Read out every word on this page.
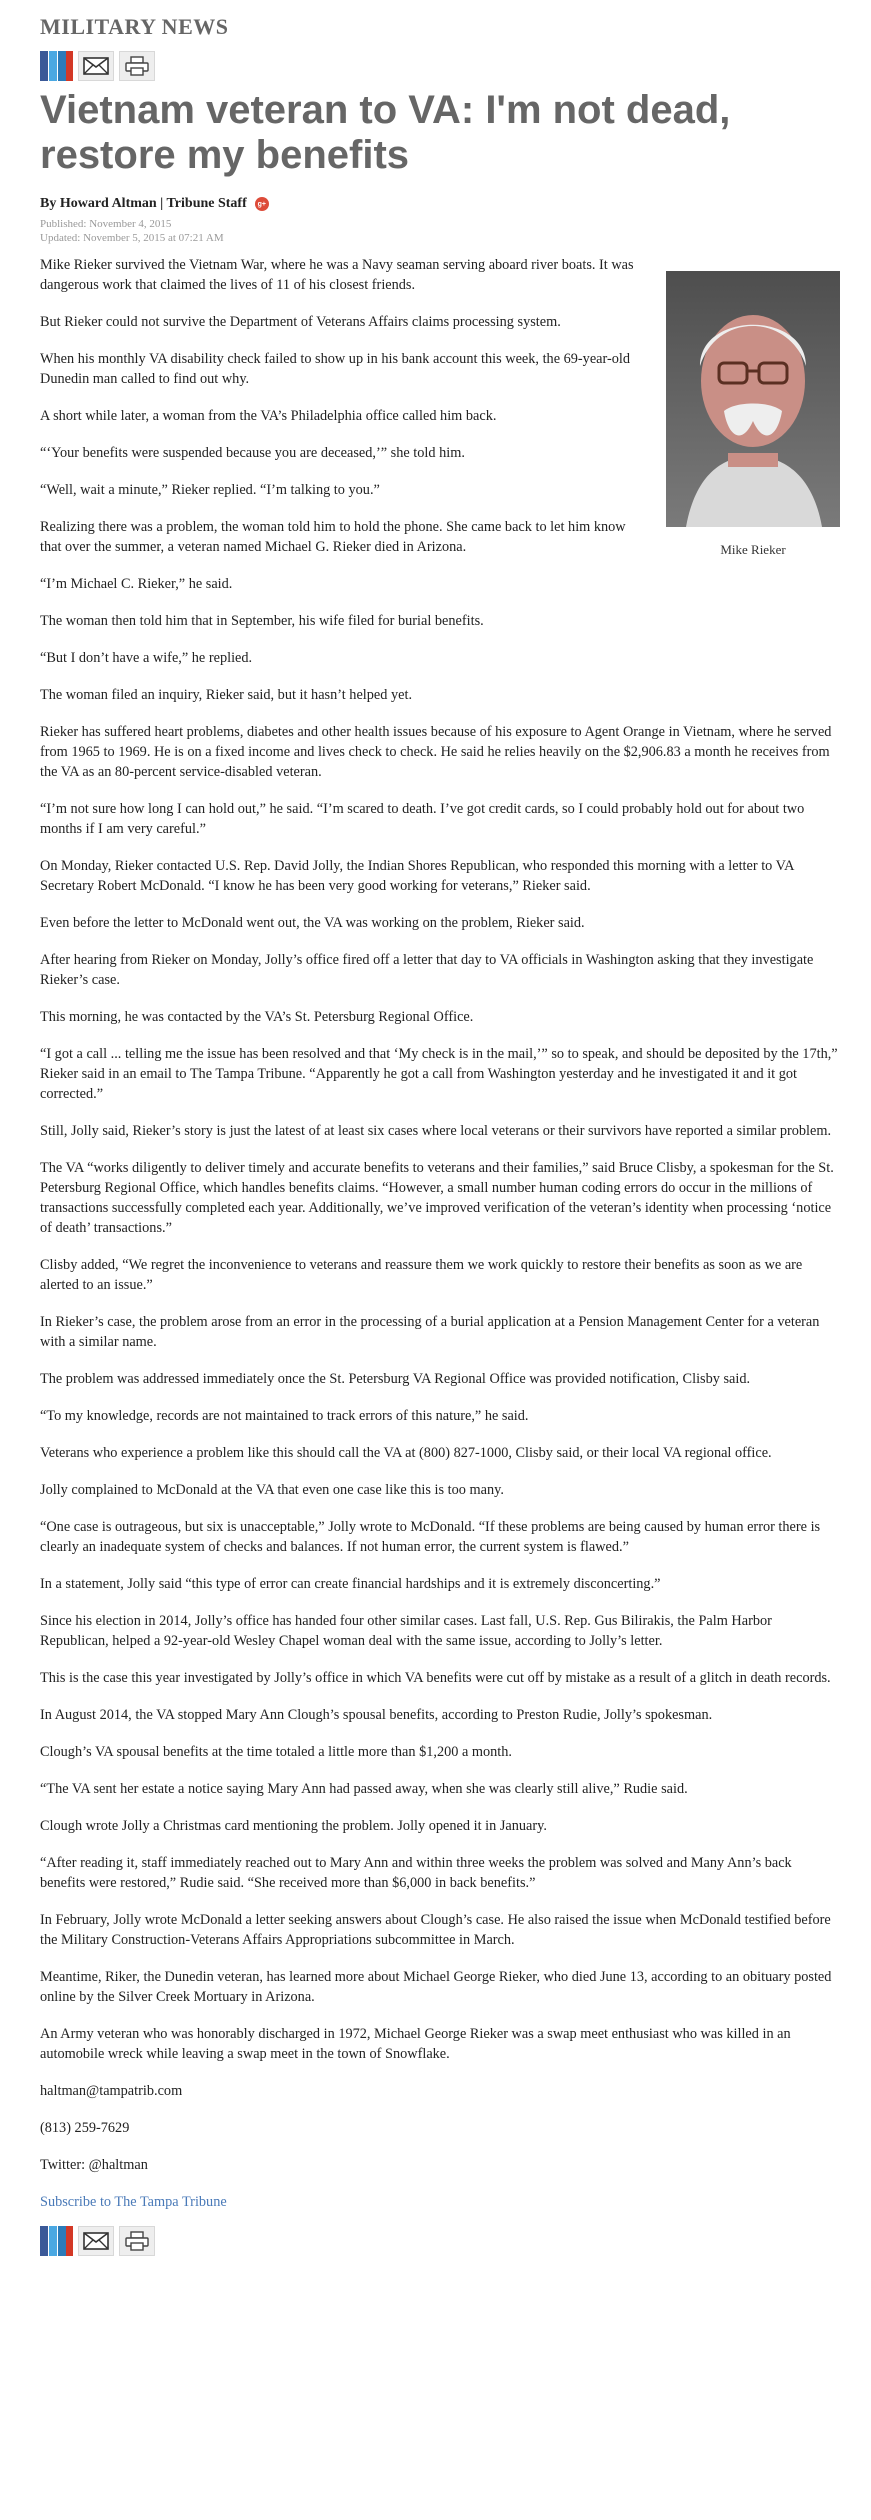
MILITARY NEWS
Vietnam veteran to VA: I'm not dead, restore my benefits
By Howard Altman | Tribune Staff	g+
Published: November 4, 2015
Updated: November 5, 2015 at 07:21 AM
Mike Rieker

Mike Rieker survived the Vietnam War, where he was a Navy seaman serving aboard river boats. It was dangerous work that claimed the lives of 11 of his closest friends.

But Rieker could not survive the Department of Veterans Affairs claims processing system.

When his monthly VA disability check failed to show up in his bank account this week, the 69-year-old Dunedin man called to find out why.

A short while later, a woman from the VA’s Philadelphia office called him back.

“‘Your benefits were suspended because you are deceased,’” she told him.

“Well, wait a minute,” Rieker replied. “I’m talking to you.”

Realizing there was a problem, the woman told him to hold the phone. She came back to let him know that over the summer, a veteran named Michael G. Rieker died in Arizona.

“I’m Michael C. Rieker,” he said.

The woman then told him that in September, his wife filed for burial benefits.

“But I don’t have a wife,” he replied.

The woman filed an inquiry, Rieker said, but it hasn’t helped yet.

Rieker has suffered heart problems, diabetes and other health issues because of his exposure to Agent Orange in Vietnam, where he served from 1965 to 1969. He is on a fixed income and lives check to check. He said he relies heavily on the $2,906.83 a month he receives from the VA as an 80-percent service-disabled veteran.

“I’m not sure how long I can hold out,” he said. “I’m scared to death. I’ve got credit cards, so I could probably hold out for about two months if I am very careful.”

On Monday, Rieker contacted U.S. Rep. David Jolly, the Indian Shores Republican, who responded this morning with a letter to VA Secretary Robert McDonald. “I know he has been very good working for veterans,” Rieker said.

Even before the letter to McDonald went out, the VA was working on the problem, Rieker said.

After hearing from Rieker on Monday, Jolly’s office fired off a letter that day to VA officials in Washington asking that they investigate Rieker’s case.

This morning, he was contacted by the VA’s St. Petersburg Regional Office.

“I got a call ... telling me the issue has been resolved and that ‘My check is in the mail,’” so to speak, and should be deposited by the 17th,” Rieker said in an email to The Tampa Tribune. “Apparently he got a call from Washington yesterday and he investigated it and it got corrected.”

Still, Jolly said, Rieker’s story is just the latest of at least six cases where local veterans or their survivors have reported a similar problem.

The VA “works diligently to deliver timely and accurate benefits to veterans and their families,” said Bruce Clisby, a spokesman for the St. Petersburg Regional Office, which handles benefits claims. “However, a small number human coding errors do occur in the millions of transactions successfully completed each year. Additionally, we’ve improved verification of the veteran’s identity when processing ‘notice of death’ transactions.”

Clisby added, “We regret the inconvenience to veterans and reassure them we work quickly to restore their benefits as soon as we are alerted to an issue.”

In Rieker’s case, the problem arose from an error in the processing of a burial application at a Pension Management Center for a veteran with a similar name.

The problem was addressed immediately once the St. Petersburg VA Regional Office was provided notification, Clisby said.

“To my knowledge, records are not maintained to track errors of this nature,” he said.

Veterans who experience a problem like this should call the VA at (800) 827-1000, Clisby said, or their local VA regional office.

Jolly complained to McDonald at the VA that even one case like this is too many.

“One case is outrageous, but six is unacceptable,” Jolly wrote to McDonald. “If these problems are being caused by human error there is clearly an inadequate system of checks and balances. If not human error, the current system is flawed.”

In a statement, Jolly said “this type of error can create financial hardships and it is extremely disconcerting.”

Since his election in 2014, Jolly’s office has handed four other similar cases. Last fall, U.S. Rep. Gus Bilirakis, the Palm Harbor Republican, helped a 92-year-old Wesley Chapel woman deal with the same issue, according to Jolly’s letter.

This is the case this year investigated by Jolly’s office in which VA benefits were cut off by mistake as a result of a glitch in death records.

In August 2014, the VA stopped Mary Ann Clough’s spousal benefits, according to Preston Rudie, Jolly’s spokesman.

Clough’s VA spousal benefits at the time totaled a little more than $1,200 a month.

“The VA sent her estate a notice saying Mary Ann had passed away, when she was clearly still alive,” Rudie said.

Clough wrote Jolly a Christmas card mentioning the problem. Jolly opened it in January.

“After reading it, staff immediately reached out to Mary Ann and within three weeks the problem was solved and Many Ann’s back benefits were restored,” Rudie said. “She received more than $6,000 in back benefits.”

In February, Jolly wrote McDonald a letter seeking answers about Clough’s case. He also raised the issue when McDonald testified before the Military Construction-Veterans Affairs Appropriations subcommittee in March.

Meantime, Riker, the Dunedin veteran, has learned more about Michael George Rieker, who died June 13, according to an obituary posted online by the Silver Creek Mortuary in Arizona.

An Army veteran who was honorably discharged in 1972, Michael George Rieker was a swap meet enthusiast who was killed in an automobile wreck while leaving a swap meet in the town of Snowflake.

haltman@tampatrib.com

(813) 259-7629

Twitter: @haltman

Subscribe to The Tampa Tribune
